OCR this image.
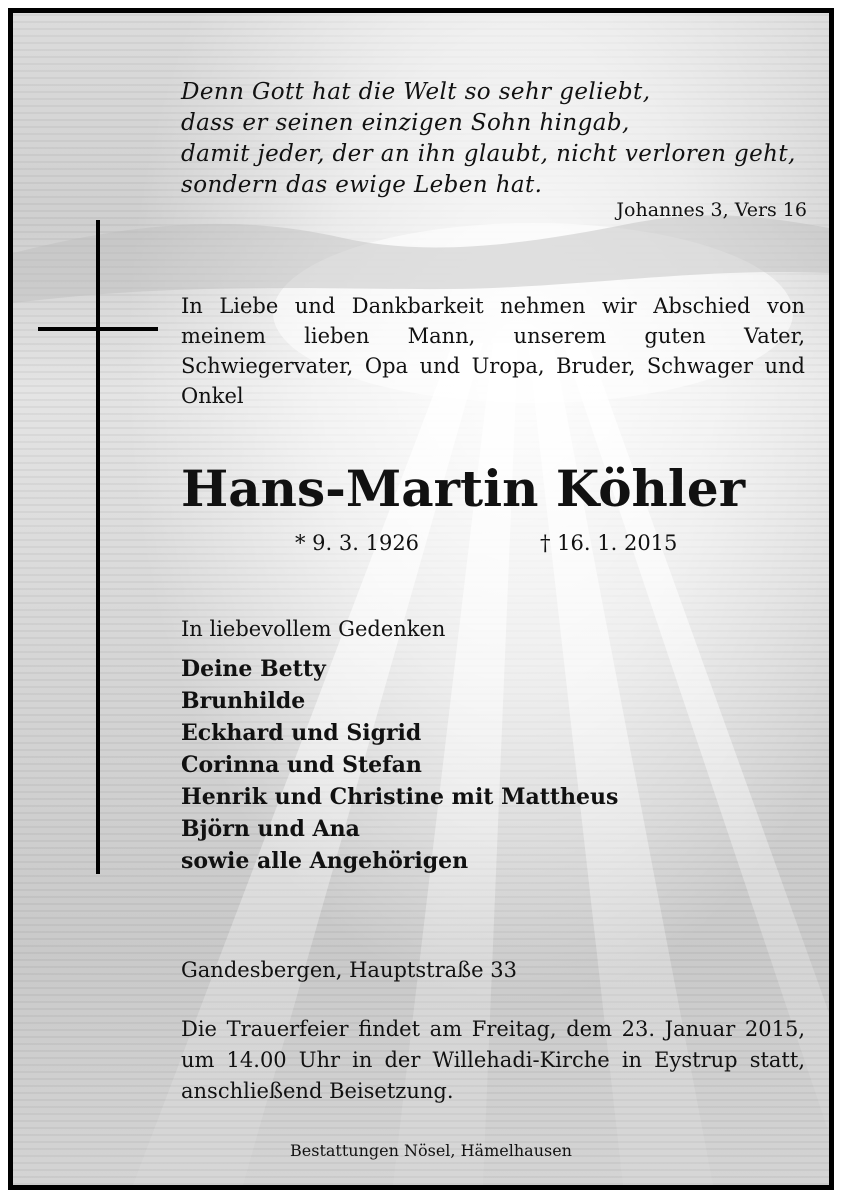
Denn Gott hat die Welt so sehr geliebt,
dass er seinen einzigen Sohn hingab,
damit jeder, der an ihn glaubt, nicht verloren geht,
sondern das ewige Leben hat.
Johannes 3, Vers 16
In Liebe und Dankbarkeit nehmen wir Abschied von meinem lieben Mann, unserem guten Vater, Schwiegervater, Opa und Uropa, Bruder, Schwager und Onkel
Hans-Martin Köhler
* 9. 3. 1926	† 16. 1. 2015
In liebevollem Gedenken
Deine Betty
Brunhilde
Eckhard und Sigrid
Corinna und Stefan
Henrik und Christine mit Mattheus
Björn und Ana
sowie alle Angehörigen
Gandesbergen, Hauptstraße 33
Die Trauerfeier findet am Freitag, dem 23. Januar 2015, um 14.00 Uhr in der Willehadi-Kirche in Eystrup statt, anschließend Beisetzung.
Bestattungen Nösel, Hämelhausen
